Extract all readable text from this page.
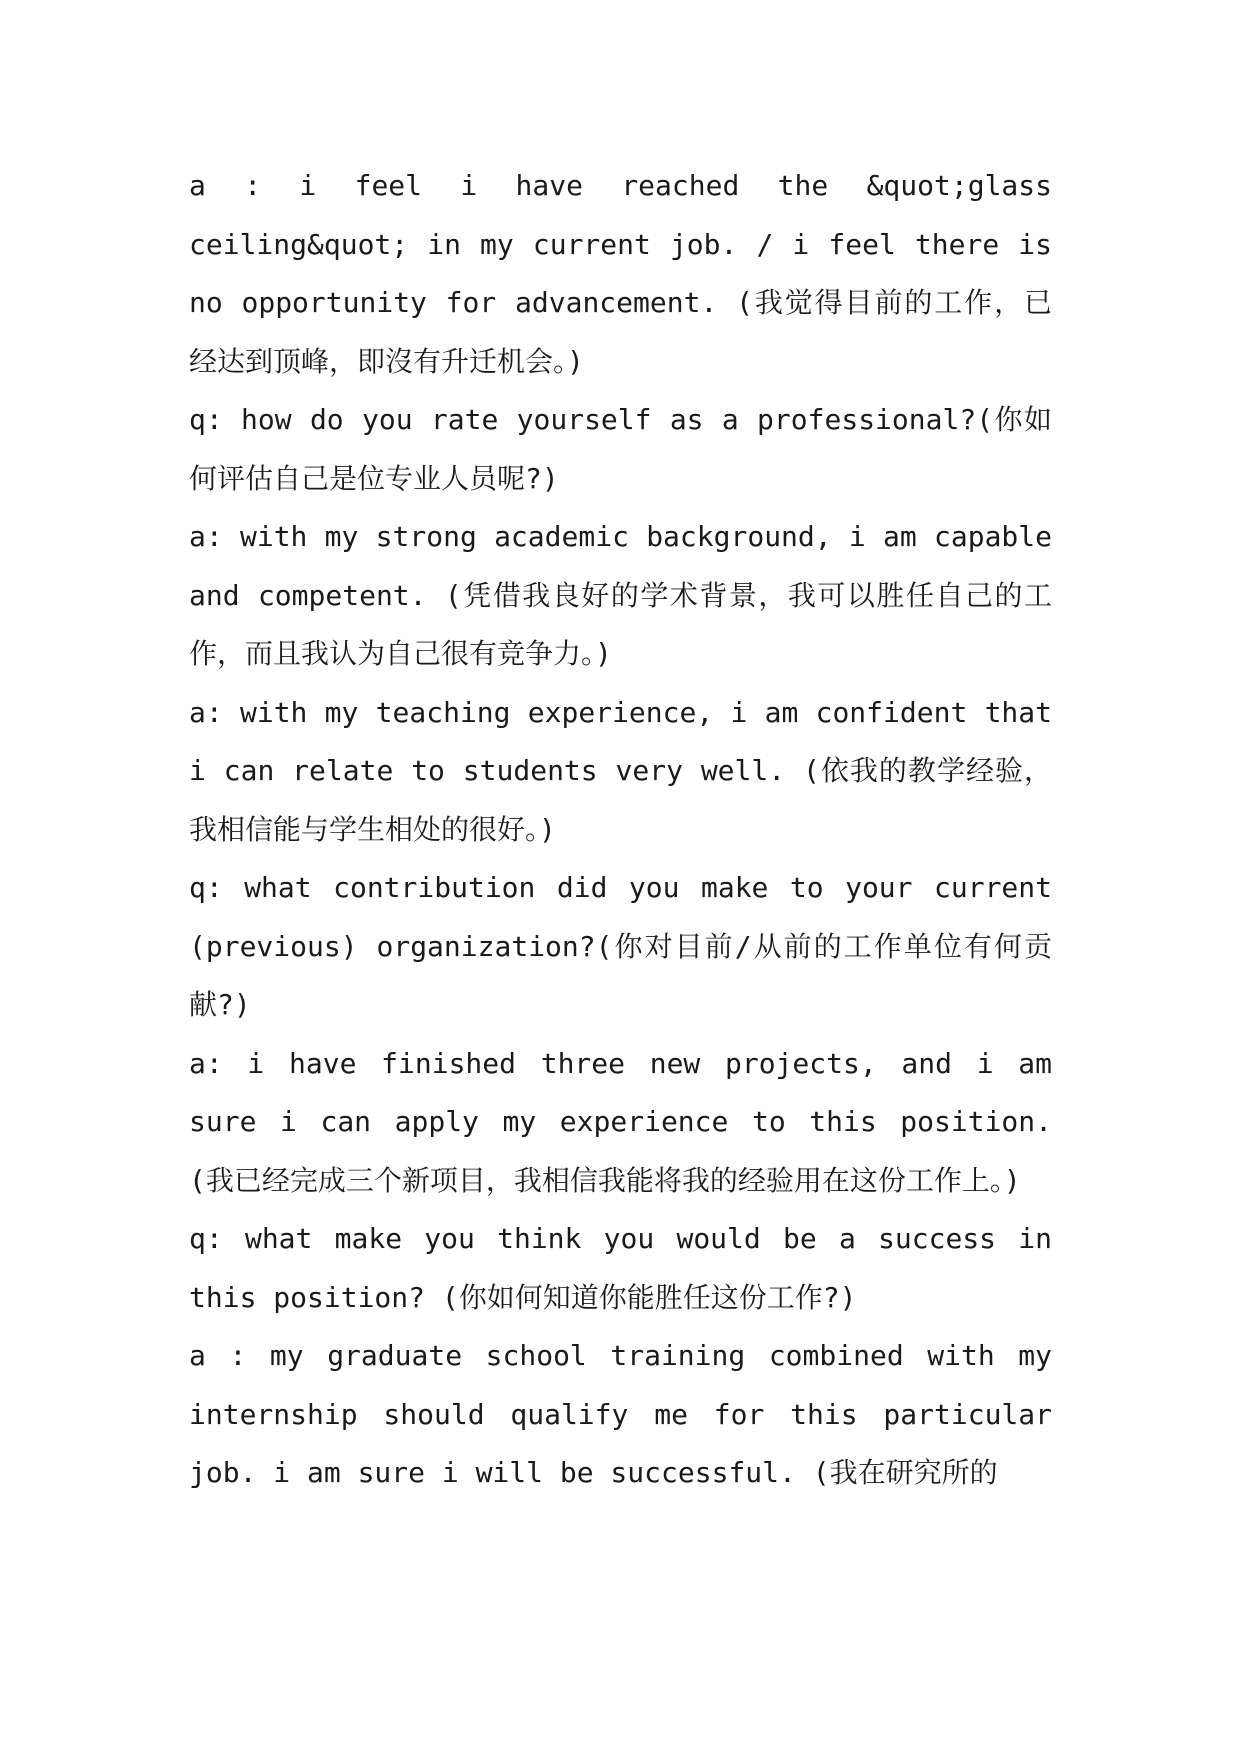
a : i feel i have reached the &quot;glass ceiling&quot; in my current job. / i feel there is no opportunity for advancement. (我觉得目前的工作，已经达到顶峰，即沒有升迁机会。)

q: how do you rate yourself as a professional?(你如何评估自己是位专业人员呢?)

a: with my strong academic background, i am capable and competent. (凭借我良好的学术背景，我可以胜任自己的工作，而且我认为自己很有竞争力。)

a: with my teaching experience, i am confident that i can relate to students very well. (依我的教学经验，我相信能与学生相处的很好。)

q: what contribution did you make to your current (previous) organization?(你对目前/从前的工作单位有何贡献?)

a: i have finished three new projects, and i am sure i can apply my experience to this position. (我已经完成三个新项目，我相信我能将我的经验用在这份工作上。)

q: what make you think you would be a success in this position? (你如何知道你能胜任这份工作?)

a : my graduate school training combined with my internship should qualify me for this particular job. i am sure i will be successful. (我在研究所的
